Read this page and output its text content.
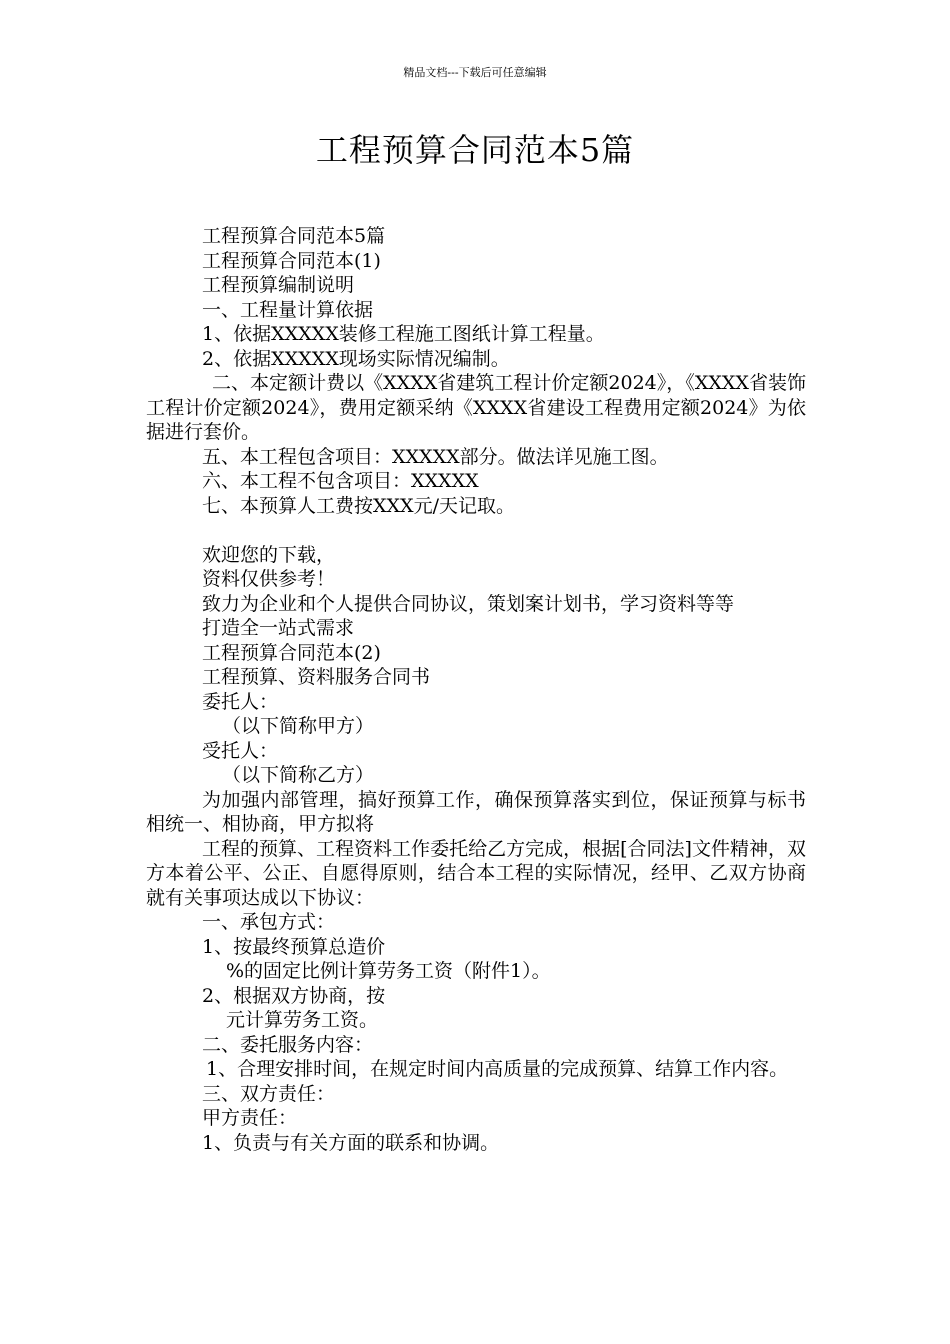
精品文档---下载后可任意编辑
工程预算合同范本5篇

工程预算合同范本5篇

工程预算合同范本(1)

工程预算编制说明

一、工程量计算依据

1、依据XXXXX装修工程施工图纸计算工程量。

2、依据XXXXX现场实际情况编制。

二、本定额计费以《XXXX省建筑工程计价定额2024》，《XXXX省装饰工程计价定额2024》，费用定额采纳《XXXX省建设工程费用定额2024》为依据进行套价。

五、本工程包含项目：XXXXX部分。做法详见施工图。

六、本工程不包含项目：XXXXX

七、本预算人工费按XXX元/天记取。

欢迎您的下载，

资料仅供参考！

致力为企业和个人提供合同协议，策划案计划书，学习资料等等

打造全一站式需求

工程预算合同范本(2)

工程预算、资料服务合同书

委托人：

（以下简称甲方）

受托人：

（以下简称乙方）

为加强内部管理，搞好预算工作，确保预算落实到位，保证预算与标书相统一、相协商，甲方拟将

工程的预算、工程资料工作委托给乙方完成，根据[合同法]文件精神，双方本着公平、公正、自愿得原则，结合本工程的实际情况，经甲、乙双方协商就有关事项达成以下协议：

一、承包方式：

1、按最终预算总造价

%的固定比例计算劳务工资（附件1）。

2、根据双方协商，按

元计算劳务工资。

二、委托服务内容：

1、合理安排时间，在规定时间内高质量的完成预算、结算工作内容。

三、双方责任：

甲方责任：

1、负责与有关方面的联系和协调。
